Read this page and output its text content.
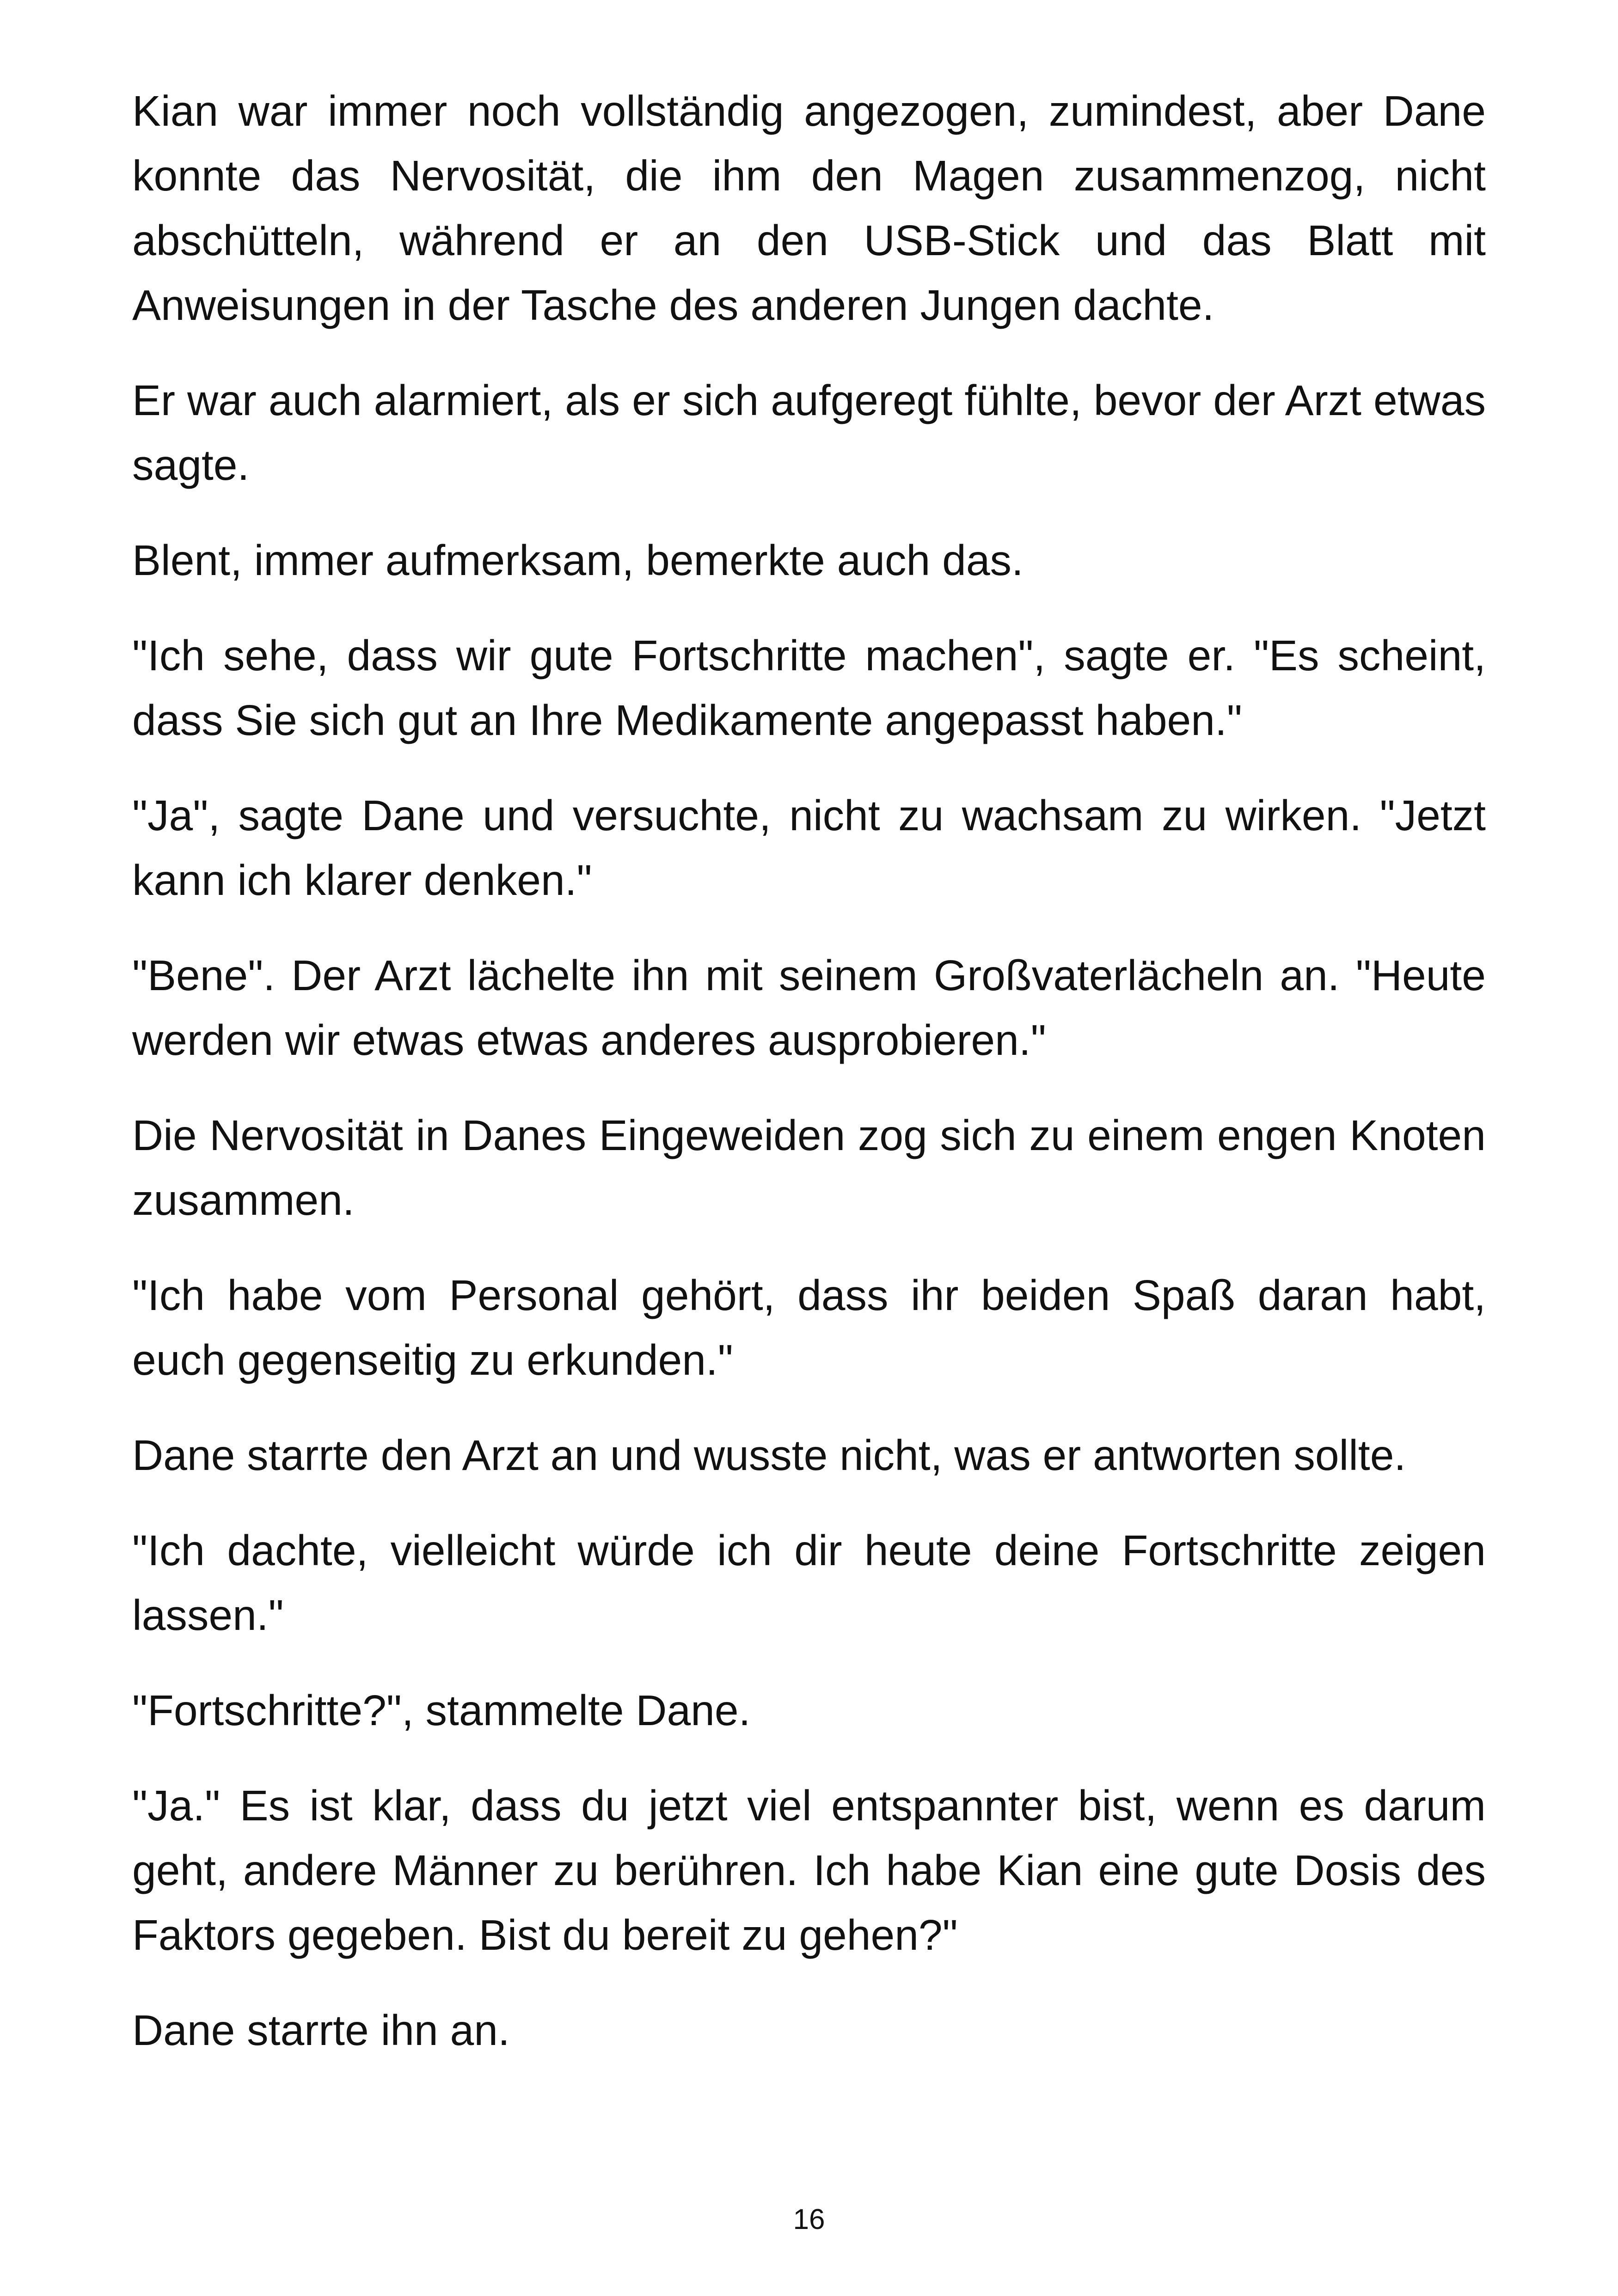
Kian war immer noch vollständig angezogen, zumindest, aber Dane konnte das Nervosität, die ihm den Magen zusammenzog, nicht abschütteln, während er an den USB-Stick und das Blatt mit Anweisungen in der Tasche des anderen Jungen dachte.

Er war auch alarmiert, als er sich aufgeregt fühlte, bevor der Arzt etwas sagte.

Blent, immer aufmerksam, bemerkte auch das.

"Ich sehe, dass wir gute Fortschritte machen", sagte er. "Es scheint, dass Sie sich gut an Ihre Medikamente angepasst haben."

"Ja", sagte Dane und versuchte, nicht zu wachsam zu wirken. "Jetzt kann ich klarer denken."

"Bene". Der Arzt lächelte ihn mit seinem Großvaterlächeln an. "Heute werden wir etwas etwas anderes ausprobieren."

Die Nervosität in Danes Eingeweiden zog sich zu einem engen Knoten zusammen.

"Ich habe vom Personal gehört, dass ihr beiden Spaß daran habt, euch gegenseitig zu erkunden."

Dane starrte den Arzt an und wusste nicht, was er antworten sollte.

"Ich dachte, vielleicht würde ich dir heute deine Fortschritte zeigen lassen."

"Fortschritte?", stammelte Dane.

"Ja." Es ist klar, dass du jetzt viel entspannter bist, wenn es darum geht, andere Männer zu berühren. Ich habe Kian eine gute Dosis des Faktors gegeben. Bist du bereit zu gehen?"

Dane starrte ihn an.

16
